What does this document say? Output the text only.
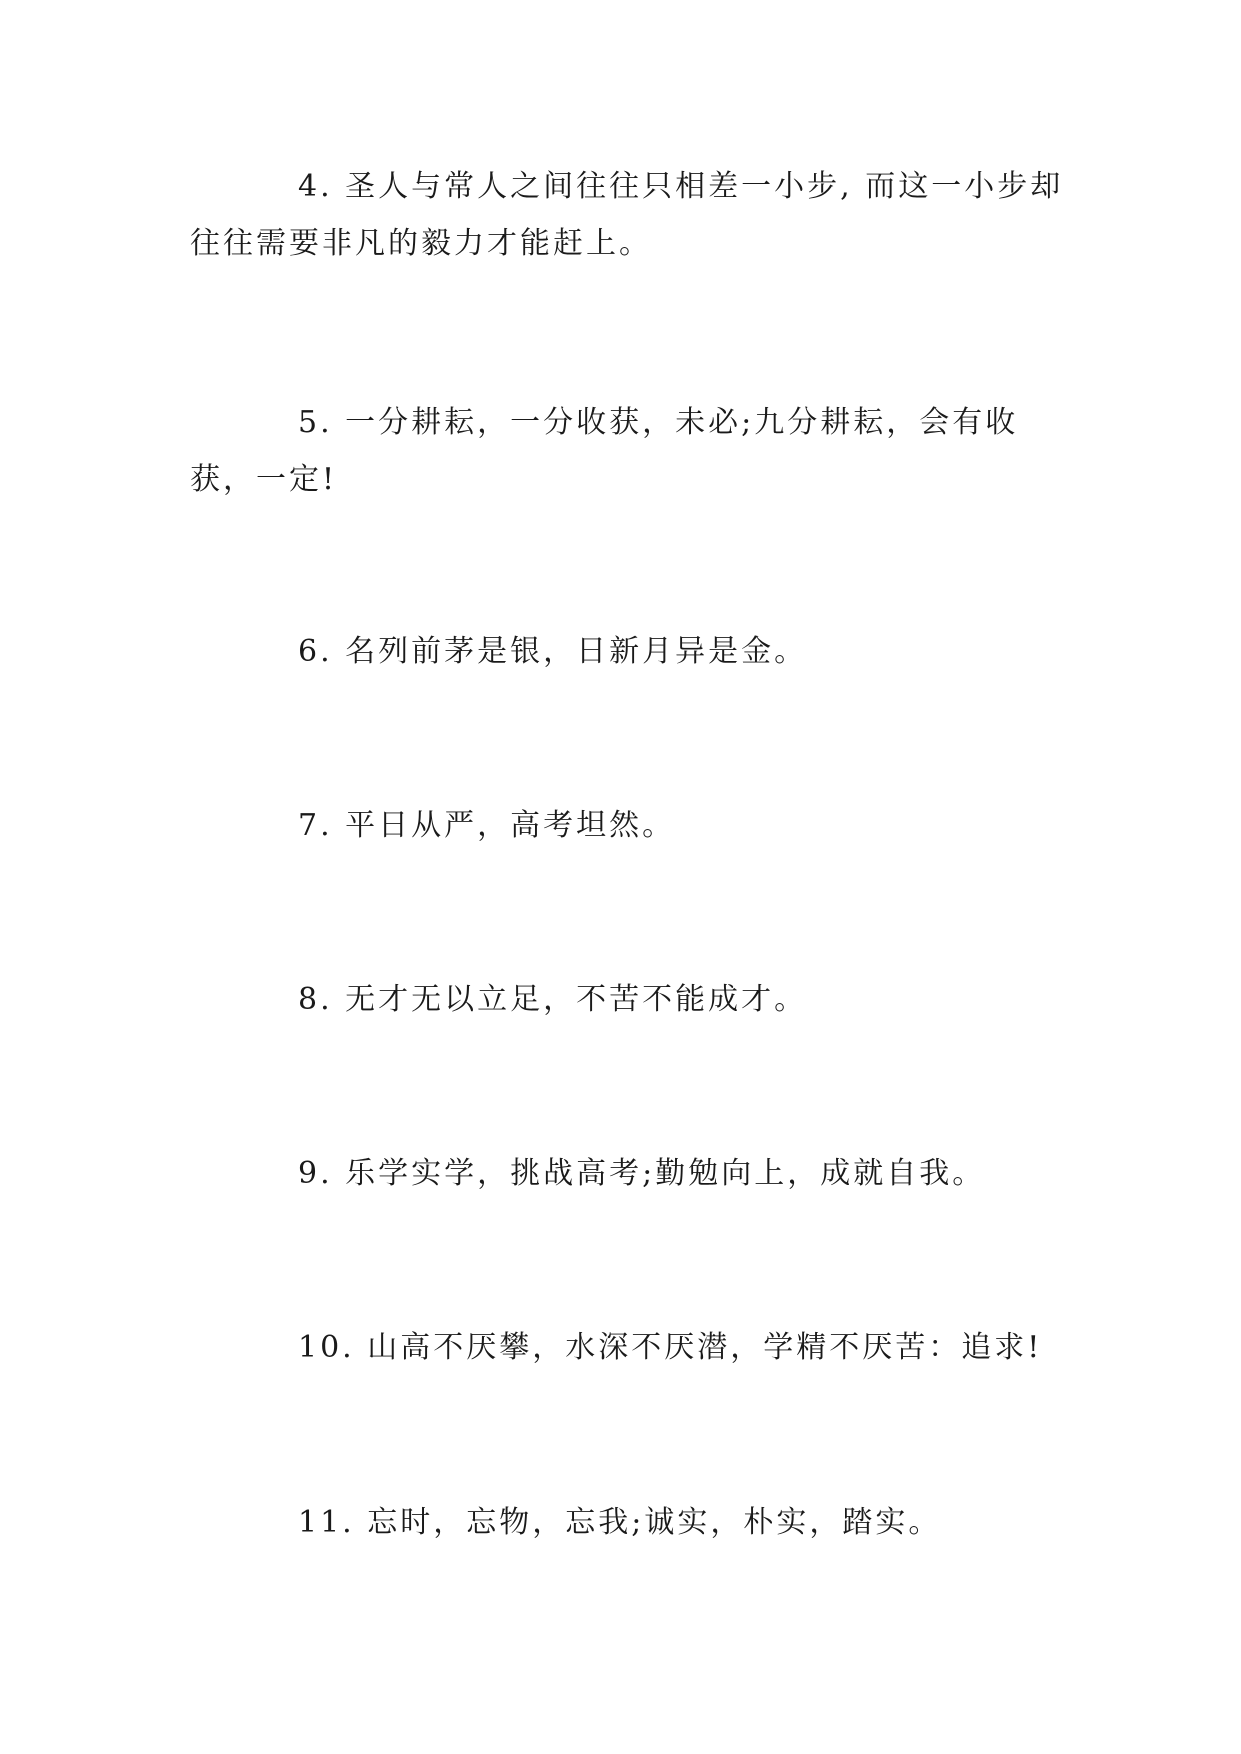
4. 圣人与常人之间往往只相差一小步, 而这一小步却往往需要非凡的毅力才能赶上。

5. 一分耕耘，一分收获，未必;九分耕耘，会有收获，一定!

6. 名列前茅是银，日新月异是金。

7. 平日从严，高考坦然。

8. 无才无以立足，不苦不能成才。

9. 乐学实学，挑战高考;勤勉向上，成就自我。

10. 山高不厌攀，水深不厌潜，学精不厌苦：追求!

11. 忘时，忘物，忘我;诚实，朴实，踏实。
